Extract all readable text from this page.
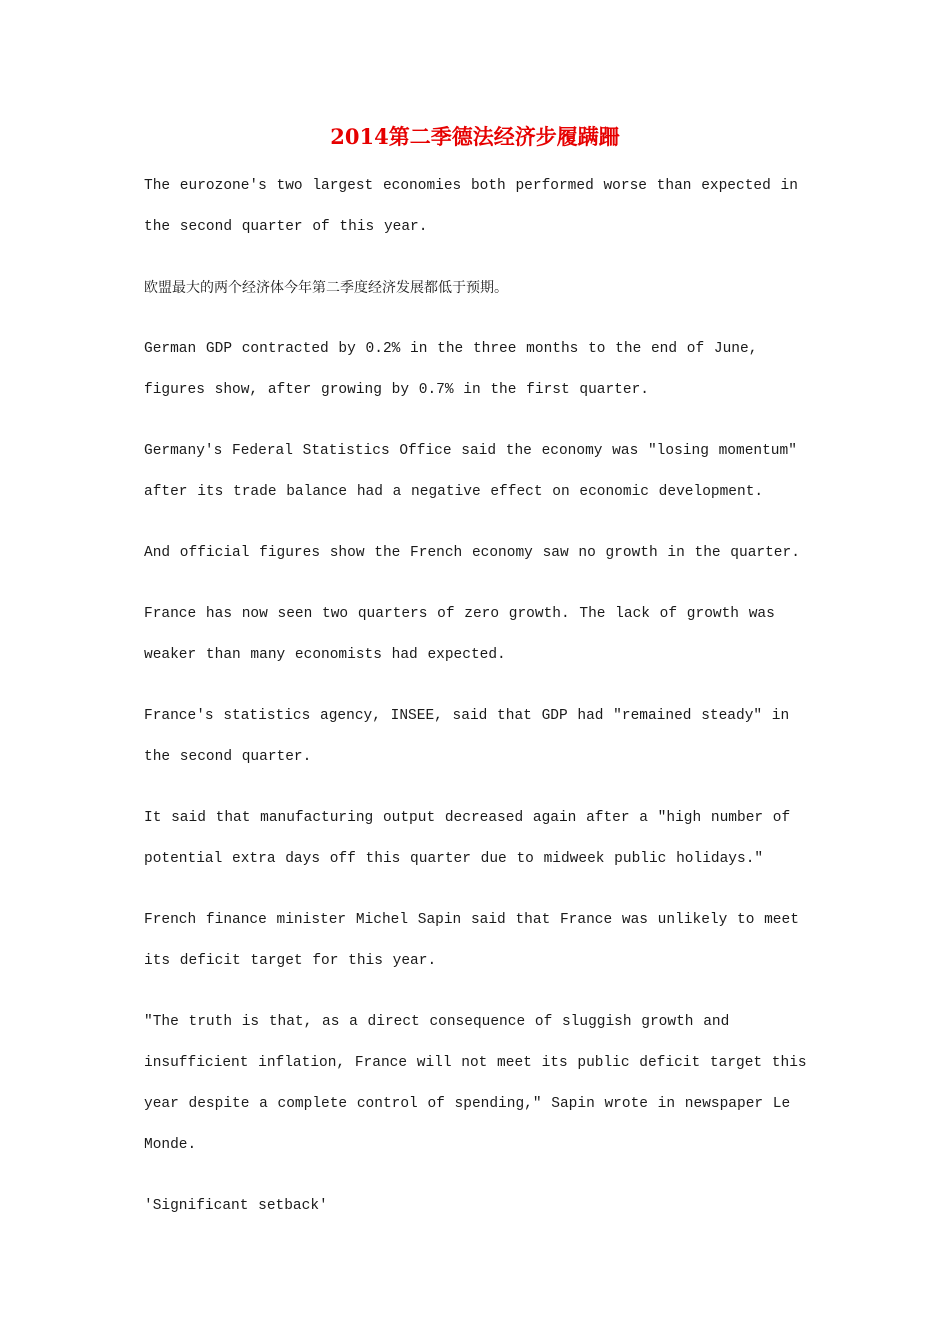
2014第二季德法经济步履蹒跚

The eurozone's two largest economies both performed worse than expected in the second quarter of this year.

欧盟最大的两个经济体今年第二季度经济发展都低于预期。

German GDP contracted by 0.2% in the three months to the end of June, figures show, after growing by 0.7% in the first quarter.

Germany's Federal Statistics Office said the economy was "losing momentum" after its trade balance had a negative effect on economic development.

And official figures show the French economy saw no growth in the quarter.

France has now seen two quarters of zero growth. The lack of growth was weaker than many economists had expected.

France's statistics agency, INSEE, said that GDP had "remained steady" in the second quarter.

It said that manufacturing output decreased again after a "high number of potential extra days off this quarter due to midweek public holidays."

French finance minister Michel Sapin said that France was unlikely to meet its deficit target for this year.

"The truth is that, as a direct consequence of sluggish growth and insufficient inflation, France will not meet its public deficit target this year despite a complete control of spending," Sapin wrote in newspaper Le Monde.

'Significant setback'
